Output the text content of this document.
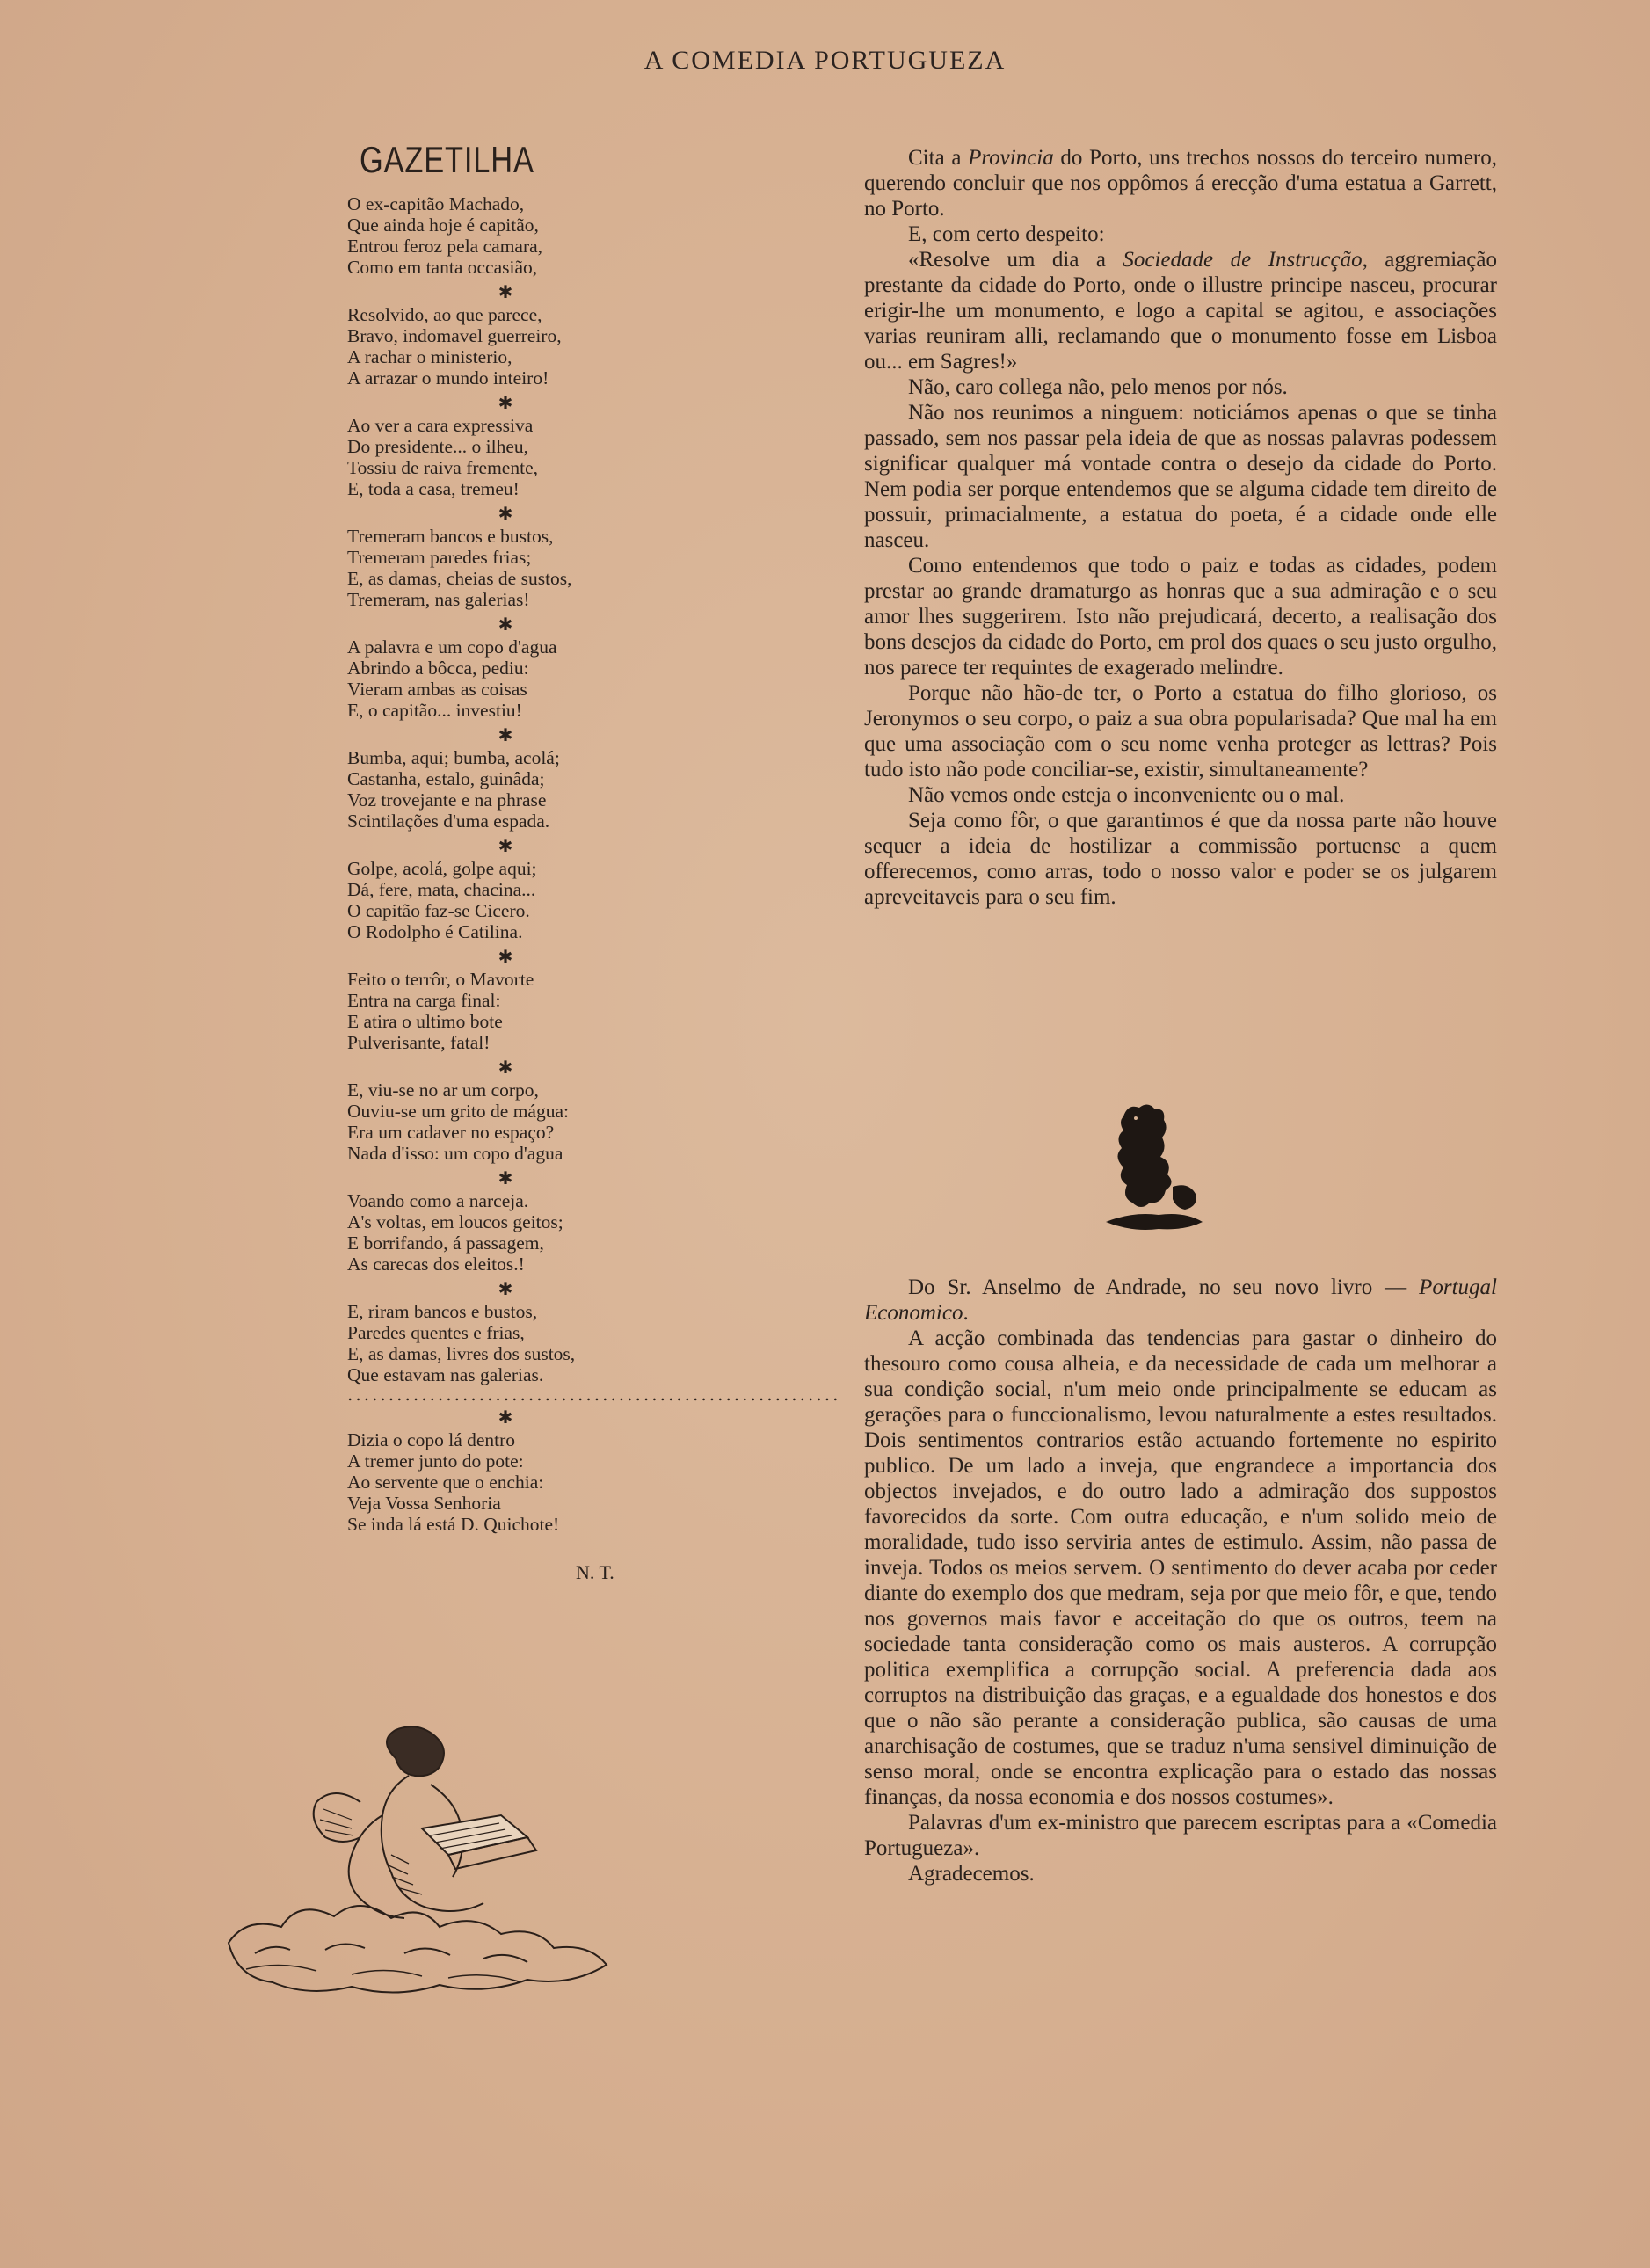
A COMEDIA PORTUGUEZA
GAZETILHA
O ex-capitão Machado,
Que ainda hoje é capitão,
Entrou feroz pela camara,
Como em tanta occasião,
✱
Resolvido, ao que parece,
Bravo, indomavel guerreiro,
A rachar o ministerio,
A arrazar o mundo inteiro!
✱
Ao ver a cara expressiva
Do presidente... o ilheu,
Tossiu de raiva fremente,
E, toda a casa, tremeu!
✱
Tremeram bancos e bustos,
Tremeram paredes frias;
E, as damas, cheias de sustos,
Tremeram, nas galerias!
✱
A palavra e um copo d'agua
Abrindo a bôcca, pediu:
Vieram ambas as coisas
E, o capitão... investiu!
✱
Bumba, aqui; bumba, acolá;
Castanha, estalo, guinâda;
Voz trovejante e na phrase
Scintilações d'uma espada.
✱
Golpe, acolá, golpe aqui;
Dá, fere, mata, chacina...
O capitão faz-se Cicero.
O Rodolpho é Catilina.
✱
Feito o terrôr, o Mavorte
Entra na carga final:
E atira o ultimo bote
Pulverisante, fatal!
✱
E, viu-se no ar um corpo,
Ouviu-se um grito de mágua:
Era um cadaver no espaço?
Nada d'isso: um copo d'agua
✱
Voando como a narceja.
A's voltas, em loucos geitos;
E borrifando, á passagem,
As carecas dos eleitos.!
✱
E, riram bancos e bustos,
Paredes quentes e frias,
E, as damas, livres dos sustos,
Que estavam nas galerias.
............................................................
✱
Dizia o copo lá dentro
A tremer junto do pote:
Ao servente que o enchia:
Veja Vossa Senhoria
Se inda lá está D. Quichote!
N. T.

Cita a Provincia do Porto, uns trechos nossos do terceiro numero, querendo concluir que nos oppômos á erecção d'uma estatua a Garrett, no Porto.

E, com certo despeito:

«Resolve um dia a Sociedade de Instrucção, aggremiação prestante da cidade do Porto, onde o illustre principe nasceu, procurar erigir-lhe um monumento, e logo a capital se agitou, e associações varias reuniram alli, reclamando que o monumento fosse em Lisboa ou... em Sagres!»

Não, caro collega não, pelo menos por nós.

Não nos reunimos a ninguem: noticiámos apenas o que se tinha passado, sem nos passar pela ideia de que as nossas palavras podessem significar qualquer má vontade contra o desejo da cidade do Porto. Nem podia ser porque entendemos que se alguma cidade tem direito de possuir, primacialmente, a estatua do poeta, é a cidade onde elle nasceu.

Como entendemos que todo o paiz e todas as cidades, podem prestar ao grande dramaturgo as honras que a sua admiração e o seu amor lhes suggerirem. Isto não prejudicará, decerto, a realisação dos bons desejos da cidade do Porto, em prol dos quaes o seu justo orgulho, nos parece ter requintes de exagerado melindre.

Porque não hão-de ter, o Porto a estatua do filho glorioso, os Jeronymos o seu corpo, o paiz a sua obra popularisada? Que mal ha em que uma associação com o seu nome venha proteger as lettras? Pois tudo isto não pode conciliar-se, existir, simultaneamente?

Não vemos onde esteja o inconveniente ou o mal.

Seja como fôr, o que garantimos é que da nossa parte não houve sequer a ideia de hostilizar a commissão portuense a quem offerecemos, como arras, todo o nosso valor e poder se os julgarem apreveitaveis para o seu fim.

Do Sr. Anselmo de Andrade, no seu novo livro — Portugal Economico.

A acção combinada das tendencias para gastar o dinheiro do thesouro como cousa alheia, e da necessidade de cada um melhorar a sua condição social, n'um meio onde principalmente se educam as gerações para o funccionalismo, levou naturalmente a estes resultados. Dois sentimentos contrarios estão actuando fortemente no espirito publico. De um lado a inveja, que engrandece a importancia dos objectos invejados, e do outro lado a admiração dos suppostos favorecidos da sorte. Com outra educação, e n'um solido meio de moralidade, tudo isso serviria antes de estimulo. Assim, não passa de inveja. Todos os meios servem. O sentimento do dever acaba por ceder diante do exemplo dos que medram, seja por que meio fôr, e que, tendo nos governos mais favor e acceitação do que os outros, teem na sociedade tanta consideração como os mais austeros. A corrupção politica exemplifica a corrupção social. A preferencia dada aos corruptos na distribuição das graças, e a egualdade dos honestos e dos que o não são perante a consideração publica, são causas de uma anarchisação de costumes, que se traduz n'uma sensivel diminuição de senso moral, onde se encontra explicação para o estado das nossas finanças, da nossa economia e dos nossos costumes».

Palavras d'um ex-ministro que parecem escriptas para a «Comedia Portugueza».

Agradecemos.
